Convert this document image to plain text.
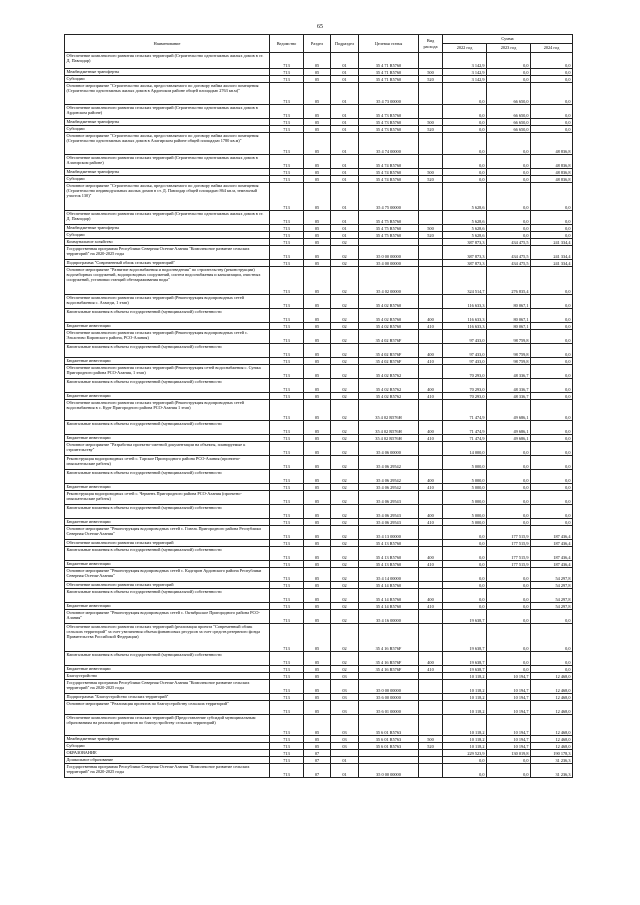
65
Наименование	Ведомство	Раздел	Подраздел	Целевая статья	Вид расхода	Сумма		
						2022 год	2023 год	2024 год
Обеспечение комплексного развития сельских территорий (Строительство одноэтажных жилых домов в ст. Д. Павлодар)	713	05	01	35 4 71 R5760		3 142,9	0,0	0,0
Межбюджетные трансферты	713	05	01	35 4 71 R5760	500	3 142,9	0,0	0,0
Субсидии	713	05	01	35 4 71 R5760	520	3 142,9	0,0	0,0
Основное мероприятие "Строительство жилья, предоставляемого по договору найма жилого помещения (Строительство одноэтажных жилых домов в Ардонском районе общей площадью 2763 кв.м)"	713	05	01	35 4 73 00000		0,0	66 650,0	0,0
Обеспечение комплексного развития сельских территорий (Строительство одноэтажных жилых домов в Ардонском районе)	713	05	01	35 4 73 R5760		0,0	66 650,0	0,0
Межбюджетные трансферты	713	05	01	35 4 73 R5760	500	0,0	66 650,0	0,0
Субсидии	713	05	01	35 4 73 R5760	520	0,0	66 650,0	0,0
Основное мероприятие "Строительство жилья, предоставляемого по договору найма жилого помещения (Строительство одноэтажных жилых домов в Алагирском районе общей площадью 1780 кв.м)"	713	05	01	35 4 74 00000		0,0	0,0	48 836,8
Обеспечение комплексного развития сельских территорий (Строительство одноэтажных жилых домов в Алагирском районе)	713	05	01	35 4 74 R5760		0,0	0,0	48 836,8
Межбюджетные трансферты	713	05	01	35 4 74 R5760	500	0,0	0,0	48 836,8
Субсидии	713	05	01	35 4 74 R5760	520	0,0	0,0	48 836,8
Основное мероприятие "Строительство жилья, предоставляемого по договору найма жилого помещения (Строительство индивидуальных жилых домов в ст. Д. Павлодар общей площадью 864 кв.м, земельный участок 130)"	713	05	01	35 4 75 00000		5 628,6	0,0	0,0
Обеспечение комплексного развития сельских территорий (Строительство одноэтажных жилых домов в ст. Д. Павлодар)	713	05	01	35 4 75 R5760		5 628,6	0,0	0,0
Межбюджетные трансферты	713	05	01	35 4 75 R5760	500	5 628,6	0,0	0,0
Субсидии	713	05	01	35 4 75 R5760	520	5 628,6	0,0	0,0
Коммунальное хозяйство	713	05	02			387 873,3	434 475,5	241 334,4
Государственная программа Республики Северная Осетия-Алания "Комплексное развитие сельских территорий" на 2020-2025 годы	713	05	02	35 0 00 00000		387 873,3	434 475,5	241 334,4
Подпрограмма "Современный облик сельских территорий"	713	05	02	35 4 00 00000		387 873,3	434 475,5	241 334,4
Основное мероприятие "Развитие водоснабжения и водоотведения" по строительству (реконструкции) водозаборных сооружений, водопроводных сооружений, систем водоснабжения и канализации, очистных сооружений, установки станций обеззараживания воды"	713	05	02	35 4 02 00000		324 514,7	276 835,4	0,0
Обеспечение комплексного развития сельских территорий (Реконструкция водопроводных сетей водоснабжения с. Ахмеди, 1 этап)	713	05	02	35 4 02 R5760		116 633,3	80 067,1	0,0
Капитальные вложения в объекты государственной (муниципальной) собственности	713	05	02	35 4 02 R5760	400	116 633,3	80 067,1	0,0
Бюджетные инвестиции	713	05	02	35 4 02 R5760	410	116 633,3	80 067,1	0,0
Обеспечение комплексного развития сельских территорий (Реконструкция водопроводных сетей с. Эльхотово Кировского района, РСО-Алания)	713	05	02	35 4 02 R576F		97 433,0	98 759,8	0,0
Капитальные вложения в объекты государственной (муниципальной) собственности	713	05	02	35 4 02 R576F	400	97 433,0	98 759,8	0,0
Бюджетные инвестиции	713	05	02	35 4 02 R576F	410	97 433,0	98 759,8	0,0
Обеспечение комплексного развития сельских территорий (Реконструкция сетей водоснабжения с. Сунжа Пригородного района РСО-Алания, 1 этап)	713	05	02	35 4 02 R5762		70 293,0	48 336,7	0,0
Капитальные вложения в объекты государственной (муниципальной) собственности	713	05	02	35 4 02 R5762	400	70 293,0	48 336,7	0,0
Бюджетные инвестиции	713	05	02	35 4 02 R5762	410	70 293,0	48 336,7	0,0
Обеспечение комплексного развития сельских территорий (Реконструкция водопроводных сетей водоснабжения в с. Курт Пригородного района РСО-Алания 1 этап)	713	05	02	35 4 02 R576Н		71 474,9	49 686,1	0,0
Капитальные вложения в объекты государственной (муниципальной) собственности	713	05	02	35 4 02 R576Н	400	71 474,9	49 686,1	0,0
Бюджетные инвестиции	713	05	02	35 4 02 R576Н	410	71 474,9	49 686,1	0,0
Основное мероприятие "Разработка проектно-сметной документации на объекты, планируемые к строительству"	713	05	02	35 4 06 00000		14 000,0	0,0	0,0
Реконструкция водопроводных сетей с. Тарское Пригородного района РСО-Алания (проектно-изыскательские работы)	713	05	02	35 4 06 29542		5 000,0	0,0	0,0
Капитальные вложения в объекты государственной (муниципальной) собственности	713	05	02	35 4 06 29542	400	5 000,0	0,0	0,0
Бюджетные инвестиции	713	05	02	35 4 06 29542	410	5 000,0	0,0	0,0
Реконструкция водопроводных сетей с. Черменъ Пригородного района РСО-Алания (проектно-изыскательские работы)	713	05	02	35 4 06 29543		5 000,0	0,0	0,0
Капитальные вложения в объекты государственной (муниципальной) собственности	713	05	02	35 4 06 29543	400	5 000,0	0,0	0,0
Бюджетные инвестиции	713	05	02	35 4 06 29543	410	5 000,0	0,0	0,0
Основное мероприятие "Реконструкция водопроводных сетей с. Гизель Пригородного района Республики Северная Осетия-Алания"	713	05	02	35 4 13 00000		0,0	177 515,9	187 436,4
Обеспечение комплексного развития сельских территорий	713	05	02	35 4 13 R5760		0,0	177 515,9	187 436,4
Капитальные вложения в объекты государственной (муниципальной) собственности	713	05	02	35 4 13 R5760	400	0,0	177 515,9	187 436,4
Бюджетные инвестиции	713	05	02	35 4 13 R5760	410	0,0	177 515,9	187 436,4
Основное мероприятие "Реконструкция водопроводных сетей с. Кадгарон Ардонского района Республики Северная Осетия-Алания"	713	05	02	35 4 14 00000		0,0	0,0	54 297,8
Обеспечение комплексного развития сельских территорий	713	05	02	35 4 14 R5760		0,0	0,0	54 297,8
Капитальные вложения в объекты государственной (муниципальной) собственности	713	05	02	35 4 14 R5760	400	0,0	0,0	54 297,8
Бюджетные инвестиции	713	05	02	35 4 14 R5760	410	0,0	0,0	54 297,8
Основное мероприятие "Реконструкция водопроводных сетей с. Октябрьское Пригородного района РСО-Алания"	713	05	02	35 4 16 00000		19 638,7	0,0	0,0
Обеспечение комплексного развития сельских территорий (реализация проекта "Современный облик сельских территорий" за счет увеличения объема финансовых ресурсов за счет средств резервного фонда Правительства Российской Федерации)	713	05	02	35 4 16 R576F		19 638,7	0,0	0,0
Капитальные вложения в объекты государственной (муниципальной) собственности	713	05	02	35 4 16 R576F	400	19 638,7	0,0	0,0
Бюджетные инвестиции	713	05	02	35 4 16 R576F	410	19 638,7	0,0	0,0
Благоустройство	713	05	03			10 118,2	10 194,7	12 468,0
Государственная программа Республики Северная Осетия-Алания "Комплексное развитие сельских территорий" на 2020-2025 годы	713	05	03	35 0 00 00000		10 118,2	10 194,7	12 468,0
Подпрограмма "Благоустройство сельских территорий"	713	05	03	35 6 00 00000		10 118,2	10 194,7	12 468,0
Основное мероприятие "Реализация проектов по благоустройству сельских территорий"	713	05	03	35 6 01 00000		10 118,2	10 194,7	12 468,0
Обеспечение комплексного развития сельских территорий (Предоставление субсидий муниципальным образованиям на реализацию проектов по благоустройству сельских территорий)	713	05	03	35 6 01 R5763		10 118,2	10 194,7	12 468,0
Межбюджетные трансферты	713	05	03	35 6 01 R5763	500	10 118,2	10 194,7	12 468,0
Субсидии	713	05	03	35 6 01 R5763	520	10 118,2	10 194,7	12 468,0
ОБРАЗОВАНИЕ	713	07				229 523,9	130 019,8	190 178,3
Дошкольное образование	713	07	01			0,0	0,0	31 236,3
Государственная программа Республики Северная Осетия-Алания "Комплексное развитие сельских территорий" на 2020-2025 годы	713	07	01	35 0 00 00000		0,0	0,0	31 236,3
